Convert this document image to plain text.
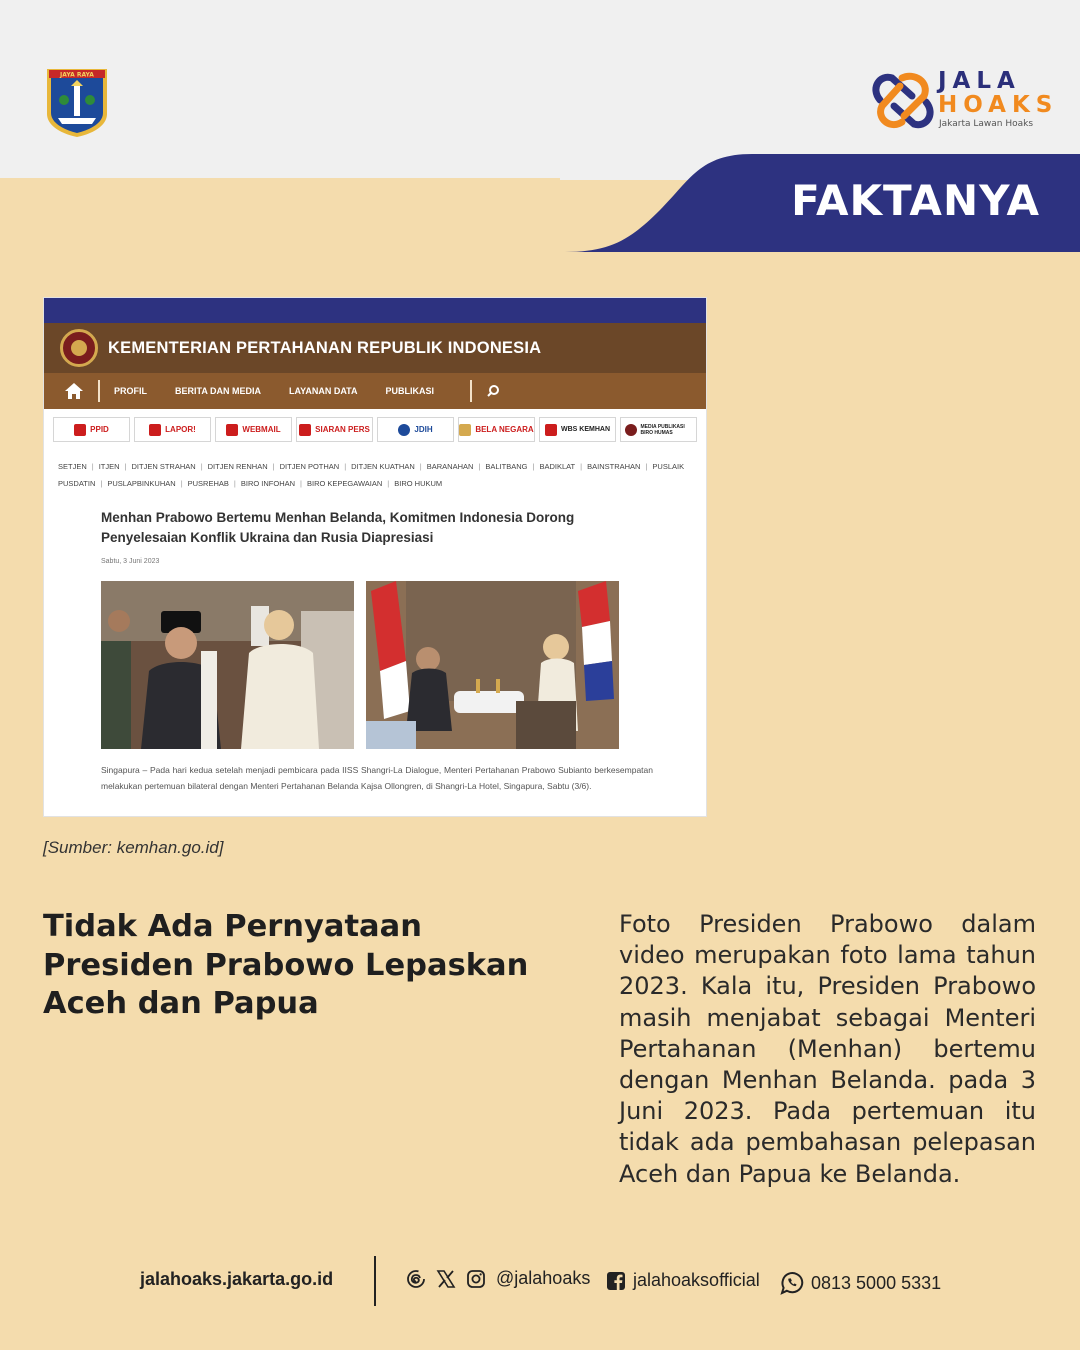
FAKTANYA
JAYA RAYA	JALA
HOAKS
Jakarta Lawan Hoaks
KEMENTERIAN PERTAHANAN REPUBLIK INDONESIA
PROFIL	BERITA DAN MEDIA	LAYANAN DATA	PUBLIKASI
PPID	LAPOR!	WEBMAIL	SIARAN PERS	JDIH	BELA NEGARA	WBS KEMHAN	MEDIA PUBLIKASI BIRO HUMAS
SETJEN | ITJEN | DITJEN STRAHAN | DITJEN RENHAN | DITJEN POTHAN | DITJEN KUATHAN | BARANAHAN | BALITBANG | BADIKLAT | BAINSTRAHAN | PUSLAIK
PUSDATIN | PUSLAPBINKUHAN | PUSREHAB | BIRO INFOHAN | BIRO KEPEGAWAIAN | BIRO HUKUM
Menhan Prabowo Bertemu Menhan Belanda, Komitmen Indonesia Dorong Penyelesaian Konflik Ukraina dan Rusia Diapresiasi
Sabtu, 3 Juni 2023
Singapura – Pada hari kedua setelah menjadi pembicara pada IISS Shangri-La Dialogue, Menteri Pertahanan Prabowo Subianto berkesempatan melakukan pertemuan bilateral dengan Menteri Pertahanan Belanda Kajsa Ollongren, di Shangri-La Hotel, Singapura, Sabtu (3/6).
[Sumber: kemhan.go.id]
Tidak Ada Pernyataan Presiden Prabowo Lepaskan Aceh dan Papua
Foto Presiden Prabowo dalam video merupakan foto lama tahun 2023. Kala itu, Presiden Prabowo masih menjabat sebagai Menteri Pertahanan (Menhan) bertemu dengan Menhan Belanda. pada 3 Juni 2023. Pada pertemuan itu tidak ada pembahasan pelepasan Aceh dan Papua ke Belanda.
jalahoaks.jakarta.go.id	@jalahoaks jalahoaksofficial	0813 5000 5331
